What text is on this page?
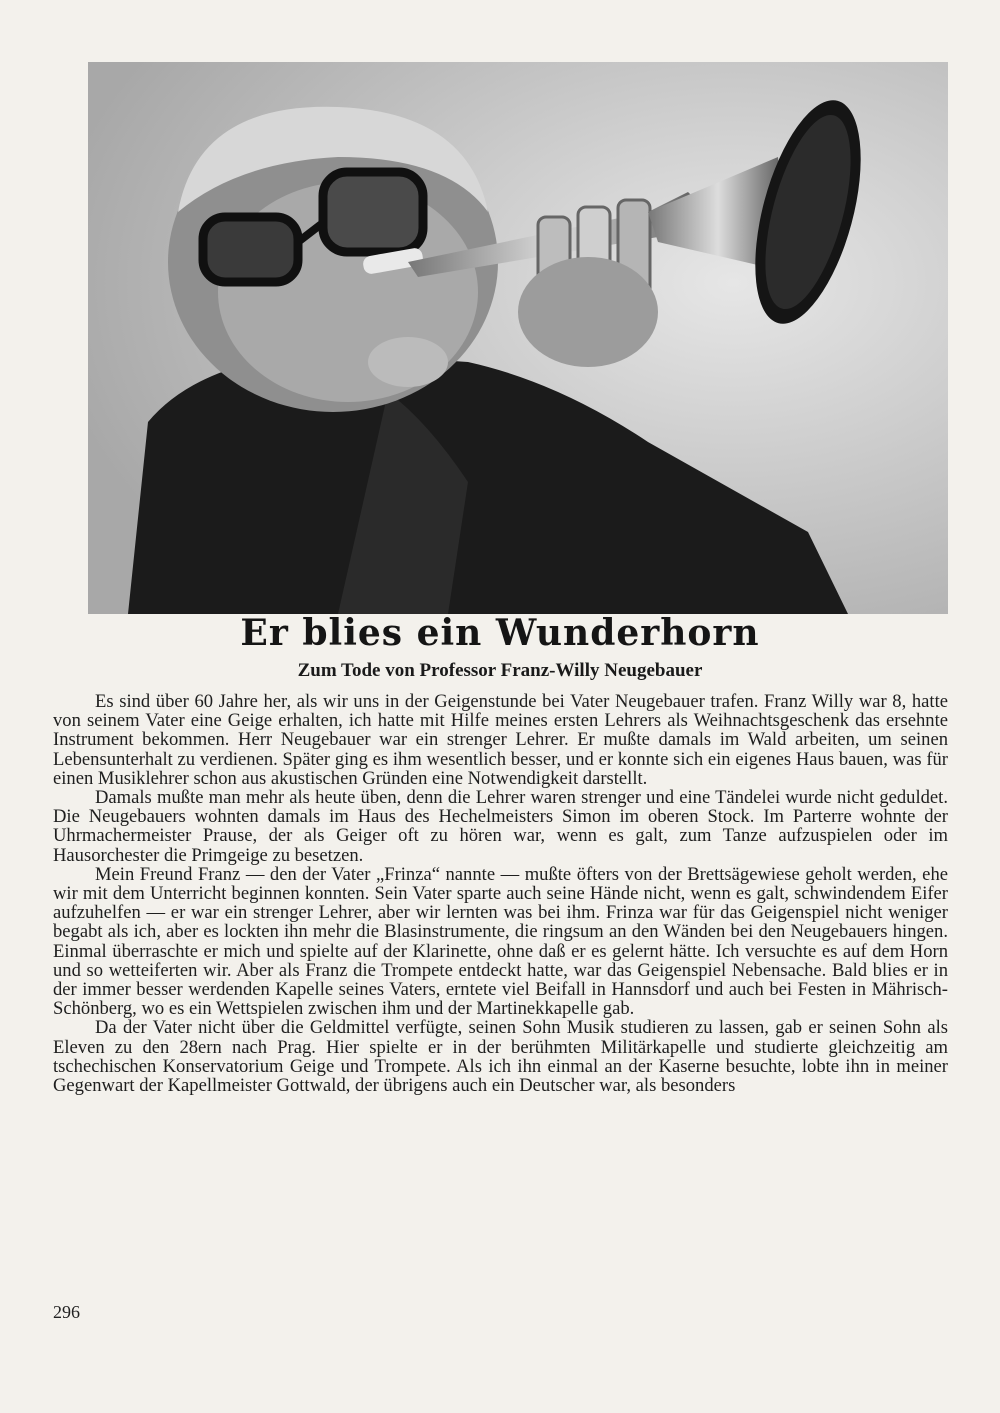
Er blies ein Wunderhorn
Zum Tode von Professor Franz-Willy Neugebauer

Es sind über 60 Jahre her, als wir uns in der Geigenstunde bei Vater Neugebauer trafen. Franz Willy war 8, hatte von seinem Vater eine Geige erhalten, ich hatte mit Hilfe meines ersten Lehrers als Weihnachtsgeschenk das ersehnte Instrument bekommen. Herr Neugebauer war ein strenger Lehrer. Er mußte damals im Wald arbeiten, um seinen Lebensunterhalt zu verdienen. Später ging es ihm wesentlich besser, und er konnte sich ein eigenes Haus bauen, was für einen Musiklehrer schon aus akustischen Gründen eine Notwendigkeit darstellt.

Damals mußte man mehr als heute üben, denn die Lehrer waren strenger und eine Tändelei wurde nicht geduldet. Die Neugebauers wohnten damals im Haus des Hechelmeisters Simon im oberen Stock. Im Parterre wohnte der Uhrmachermeister Prause, der als Geiger oft zu hören war, wenn es galt, zum Tanze aufzuspielen oder im Hausorchester die Primgeige zu besetzen.

Mein Freund Franz — den der Vater „Frinza“ nannte — mußte öfters von der Brettsägewiese geholt werden, ehe wir mit dem Unterricht beginnen konnten. Sein Vater sparte auch seine Hände nicht, wenn es galt, schwindendem Eifer aufzuhelfen — er war ein strenger Lehrer, aber wir lernten was bei ihm. Frinza war für das Geigenspiel nicht weniger begabt als ich, aber es lockten ihn mehr die Blasinstrumente, die ringsum an den Wänden bei den Neugebauers hingen. Einmal überraschte er mich und spielte auf der Klarinette, ohne daß er es gelernt hätte. Ich versuchte es auf dem Horn und so wetteiferten wir. Aber als Franz die Trompete entdeckt hatte, war das Geigenspiel Nebensache. Bald blies er in der immer besser werdenden Kapelle seines Vaters, erntete viel Beifall in Hannsdorf und auch bei Festen in Mährisch-Schönberg, wo es ein Wettspielen zwischen ihm und der Martinekkapelle gab.

Da der Vater nicht über die Geldmittel verfügte, seinen Sohn Musik studieren zu lassen, gab er seinen Sohn als Eleven zu den 28ern nach Prag. Hier spielte er in der berühmten Militärkapelle und studierte gleichzeitig am tschechischen Konservatorium Geige und Trompete. Als ich ihn einmal an der Kaserne besuchte, lobte ihn in meiner Gegenwart der Kapellmeister Gottwald, der übrigens auch ein Deutscher war, als besonders

296
